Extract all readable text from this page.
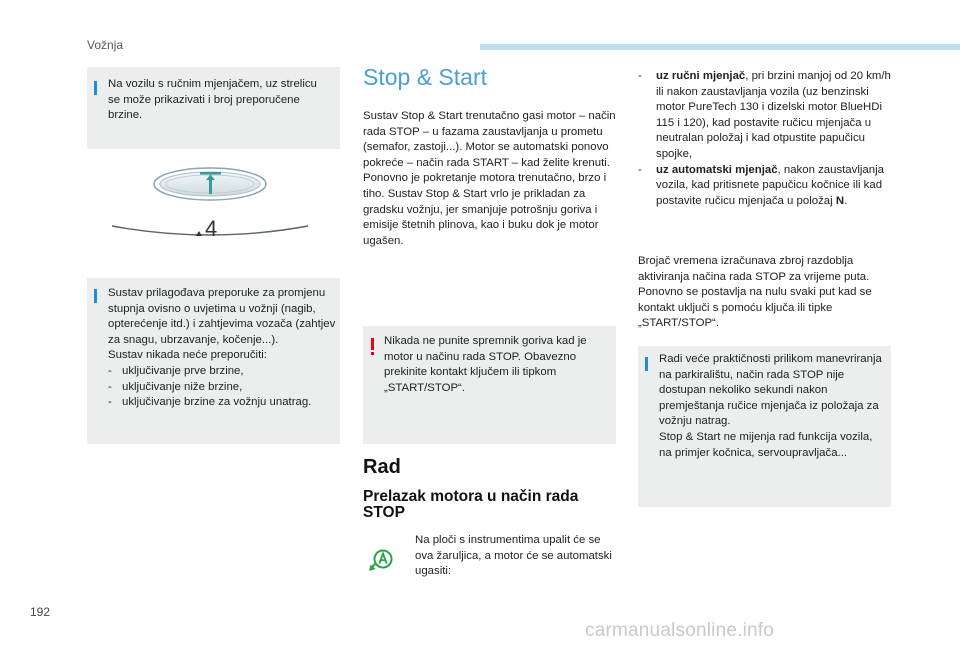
Vožnja
Na vozilu s ručnim mjenjačem, uz strelicu se može prikazivati i broj preporučene brzine.
4

Sustav prilagođava preporuke za promjenu stupnja ovisno o uvjetima u vožnji (nagib, opterećenje itd.) i zahtjevima vozača (zahtjev za snagu, ubrzavanje, kočenje...).

Sustav nikada neće preporučiti:

- uključivanje prve brzine,
- uključivanje niže brzine,
- uključivanje brzine za vožnju unatrag.
Stop & Start
Sustav Stop & Start trenutačno gasi motor – način rada STOP – u fazama zaustavljanja u prometu (semafor, zastoji...). Motor se automatski ponovo pokreće – način rada START – kad želite krenuti. Ponovno je pokretanje motora trenutačno, brzo i tiho. Sustav Stop & Start vrlo je prikladan za gradsku vožnju, jer smanjuje potrošnju goriva i emisije štetnih plinova, kao i buku dok je motor ugašen.
Nikada ne punite spremnik goriva kad je motor u načinu rada STOP. Obavezno prekinite kontakt ključem ili tipkom „START/STOP“.
Rad
Prelazak motora u način rada STOP
Na ploči s instrumentima upalit će se ova žaruljica, a motor će se automatski ugasiti:
-	uz ručni mjenjač, pri brzini manjoj od 20 km/h ili nakon zaustavljanja vozila (uz benzinski motor PureTech 130 i dizelski motor BlueHDi 115 i 120), kad postavite ručicu mjenjača u neutralan položaj i kad otpustite papučicu spojke,
-	uz automatski mjenjač, nakon zaustavljanja vozila, kad pritisnete papučicu kočnice ili kad postavite ručicu mjenjača u položaj N.
Brojač vremena izračunava zbroj razdoblja aktiviranja načina rada STOP za vrijeme puta. Ponovno se postavlja na nulu svaki put kad se kontakt uključi s pomoću ključa ili tipke „START/STOP“.

Radi veće praktičnosti prilikom manevriranja na parkiralištu, način rada STOP nije dostupan nekoliko sekundi nakon premještanja ručice mjenjača iz položaja za vožnju natrag.

Stop & Start ne mijenja rad funkcija vozila, na primjer kočnica, servoupravljača...

192
carmanualsonline.info
